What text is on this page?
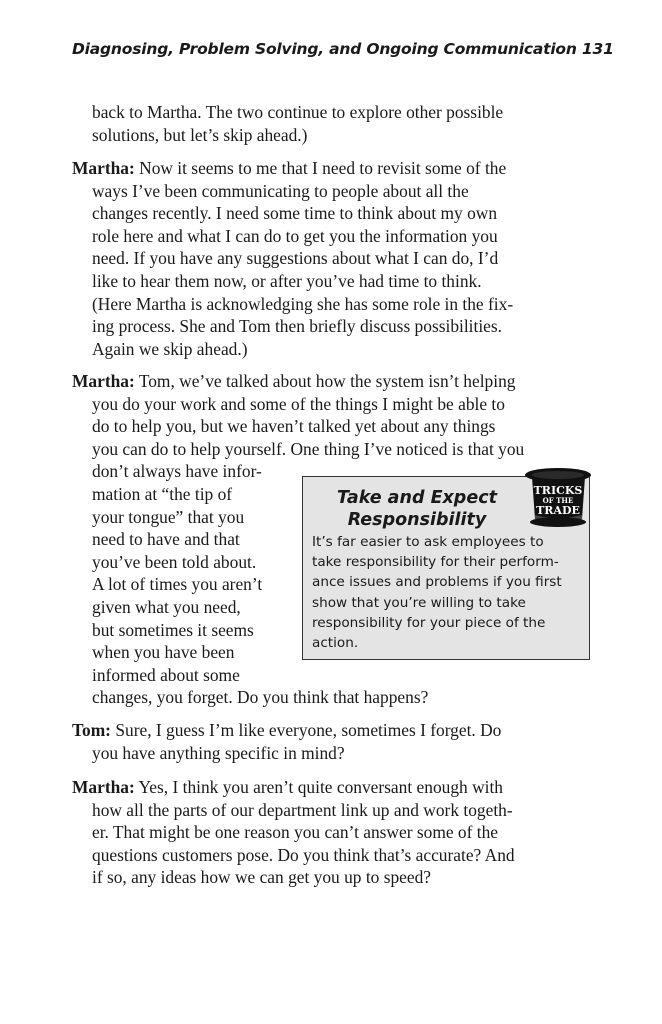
Diagnosing, Problem Solving, and Ongoing Communication 131
back to Martha. The two continue to explore other possible
solutions, but let’s skip ahead.)
Martha: Now it seems to me that I need to revisit some of the
ways I’ve been communicating to people about all the
changes recently. I need some time to think about my own
role here and what I can do to get you the information you
need. If you have any suggestions about what I can do, I’d
like to hear them now, or after you’ve had time to think.
(Here Martha is acknowledging she has some role in the fix-
ing process. She and Tom then briefly discuss possibilities.
Again we skip ahead.)
Martha: Tom, we’ve talked about how the system isn’t helping
you do your work and some of the things I might be able to
do to help you, but we haven’t talked yet about any things
you can do to help yourself. One thing I’ve noticed is that you
don’t always have infor-
mation at “the tip of
your tongue” that you
need to have and that
you’ve been told about.
A lot of times you aren’t
given what you need,
but sometimes it seems
when you have been
informed about some
changes, you forget. Do you think that happens?
Take and Expect
Responsibility
It’s far easier to ask employees to
take responsibility for their perform-
ance issues and problems if you first
show that you’re willing to take
responsibility for your piece of the
action.
TRICKS
OF THE
TRADE
Tom: Sure, I guess I’m like everyone, sometimes I forget. Do
you have anything specific in mind?
Martha: Yes, I think you aren’t quite conversant enough with
how all the parts of our department link up and work togeth-
er. That might be one reason you can’t answer some of the
questions customers pose. Do you think that’s accurate? And
if so, any ideas how we can get you up to speed?
